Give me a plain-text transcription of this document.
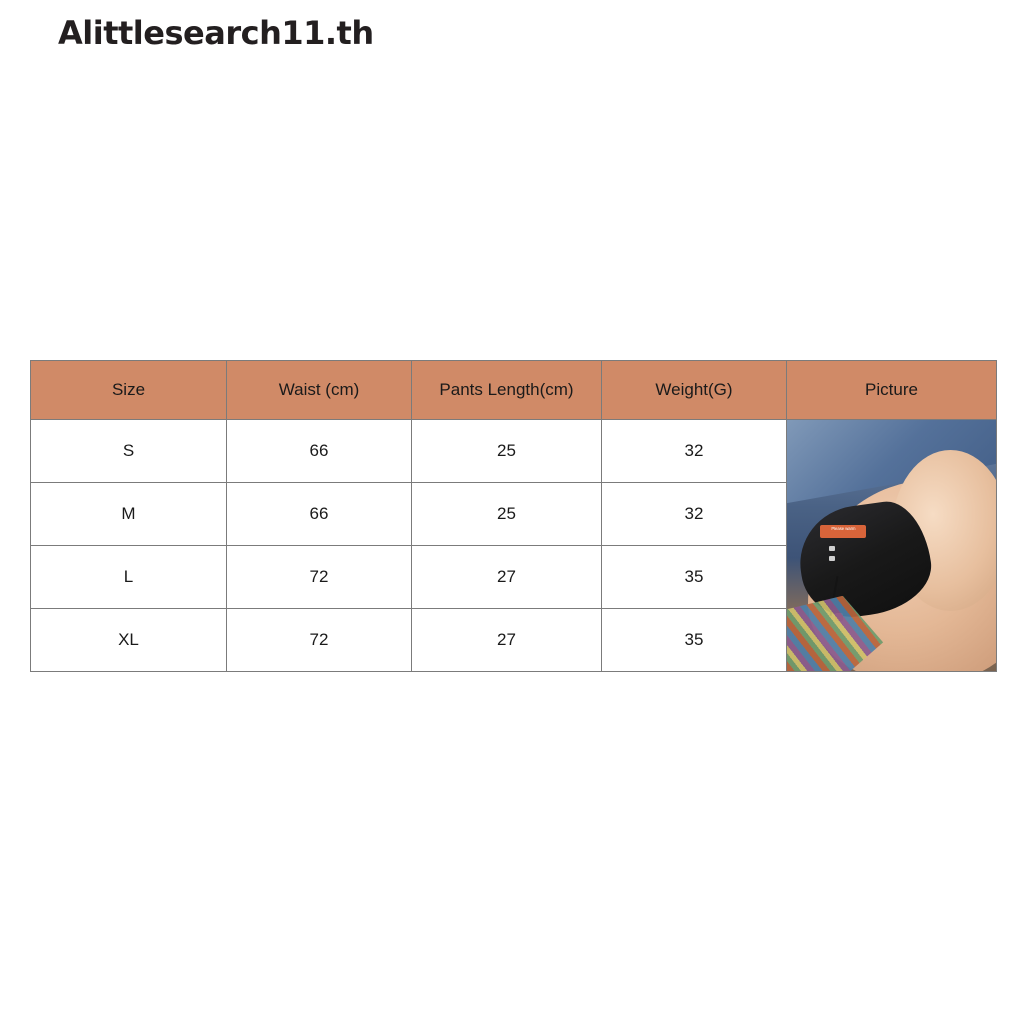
Alittlesearch11.th
Size	Waist (cm)	Pants Length(cm)	Weight(G)	Picture
S	66	25	32	Please warm

M	66	25	32	
L	72	27	35	
XL	72	27	35	
